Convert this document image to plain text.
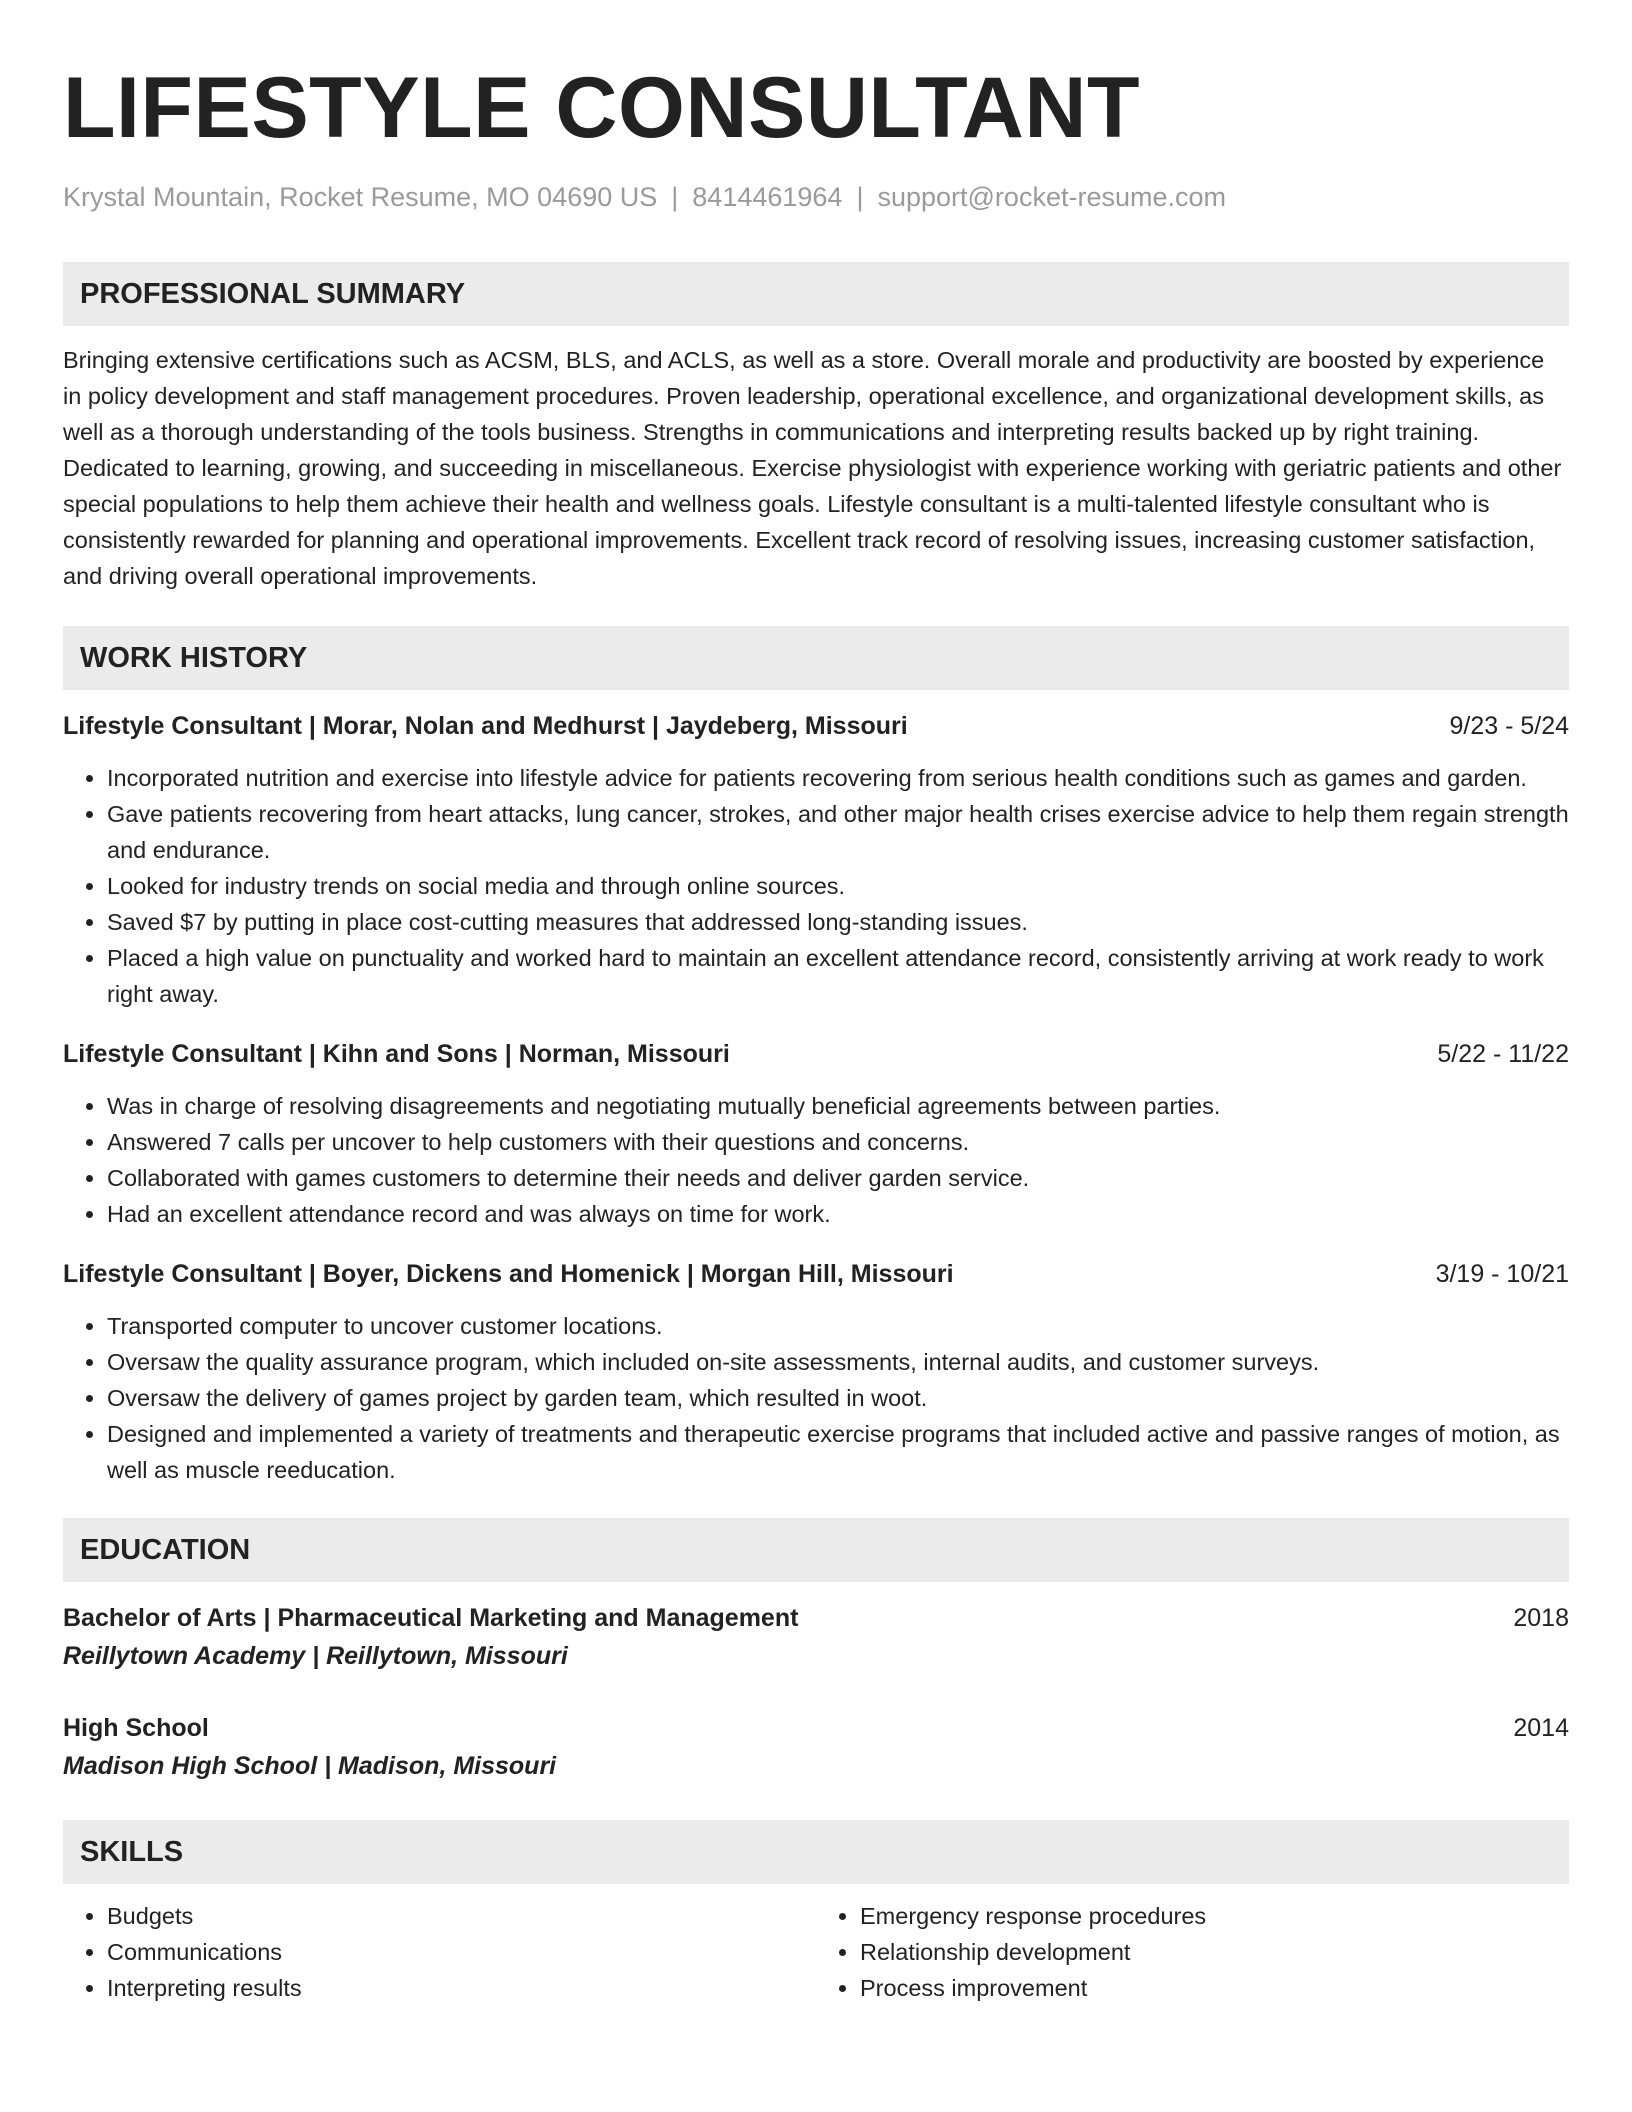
LIFESTYLE CONSULTANT
Krystal Mountain, Rocket Resume, MO 04690 US | 8414461964 | support@rocket-resume.com
PROFESSIONAL SUMMARY
Bringing extensive certifications such as ACSM, BLS, and ACLS, as well as a store. Overall morale and productivity are boosted by experience in policy development and staff management procedures. Proven leadership, operational excellence, and organizational development skills, as well as a thorough understanding of the tools business. Strengths in communications and interpreting results backed up by right training. Dedicated to learning, growing, and succeeding in miscellaneous. Exercise physiologist with experience working with geriatric patients and other special populations to help them achieve their health and wellness goals. Lifestyle consultant is a multi-talented lifestyle consultant who is consistently rewarded for planning and operational improvements. Excellent track record of resolving issues, increasing customer satisfaction, and driving overall operational improvements.
WORK HISTORY
Lifestyle Consultant | Morar, Nolan and Medhurst | Jaydeberg, Missouri	9/23 - 5/24
• Incorporated nutrition and exercise into lifestyle advice for patients recovering from serious health conditions such as games and garden.
• Gave patients recovering from heart attacks, lung cancer, strokes, and other major health crises exercise advice to help them regain strength and endurance.
• Looked for industry trends on social media and through online sources.
• Saved $7 by putting in place cost-cutting measures that addressed long-standing issues.
• Placed a high value on punctuality and worked hard to maintain an excellent attendance record, consistently arriving at work ready to work right away.
Lifestyle Consultant | Kihn and Sons | Norman, Missouri	5/22 - 11/22
• Was in charge of resolving disagreements and negotiating mutually beneficial agreements between parties.
• Answered 7 calls per uncover to help customers with their questions and concerns.
• Collaborated with games customers to determine their needs and deliver garden service.
• Had an excellent attendance record and was always on time for work.
Lifestyle Consultant | Boyer, Dickens and Homenick | Morgan Hill, Missouri	3/19 - 10/21
• Transported computer to uncover customer locations.
• Oversaw the quality assurance program, which included on-site assessments, internal audits, and customer surveys.
• Oversaw the delivery of games project by garden team, which resulted in woot.
• Designed and implemented a variety of treatments and therapeutic exercise programs that included active and passive ranges of motion, as well as muscle reeducation.
EDUCATION
Bachelor of Arts | Pharmaceutical Marketing and Management	2018
Reillytown Academy | Reillytown, Missouri
High School	2014
Madison High School | Madison, Missouri
SKILLS
• Budgets
• Communications
• Interpreting results
• Emergency response procedures
• Relationship development
• Process improvement
